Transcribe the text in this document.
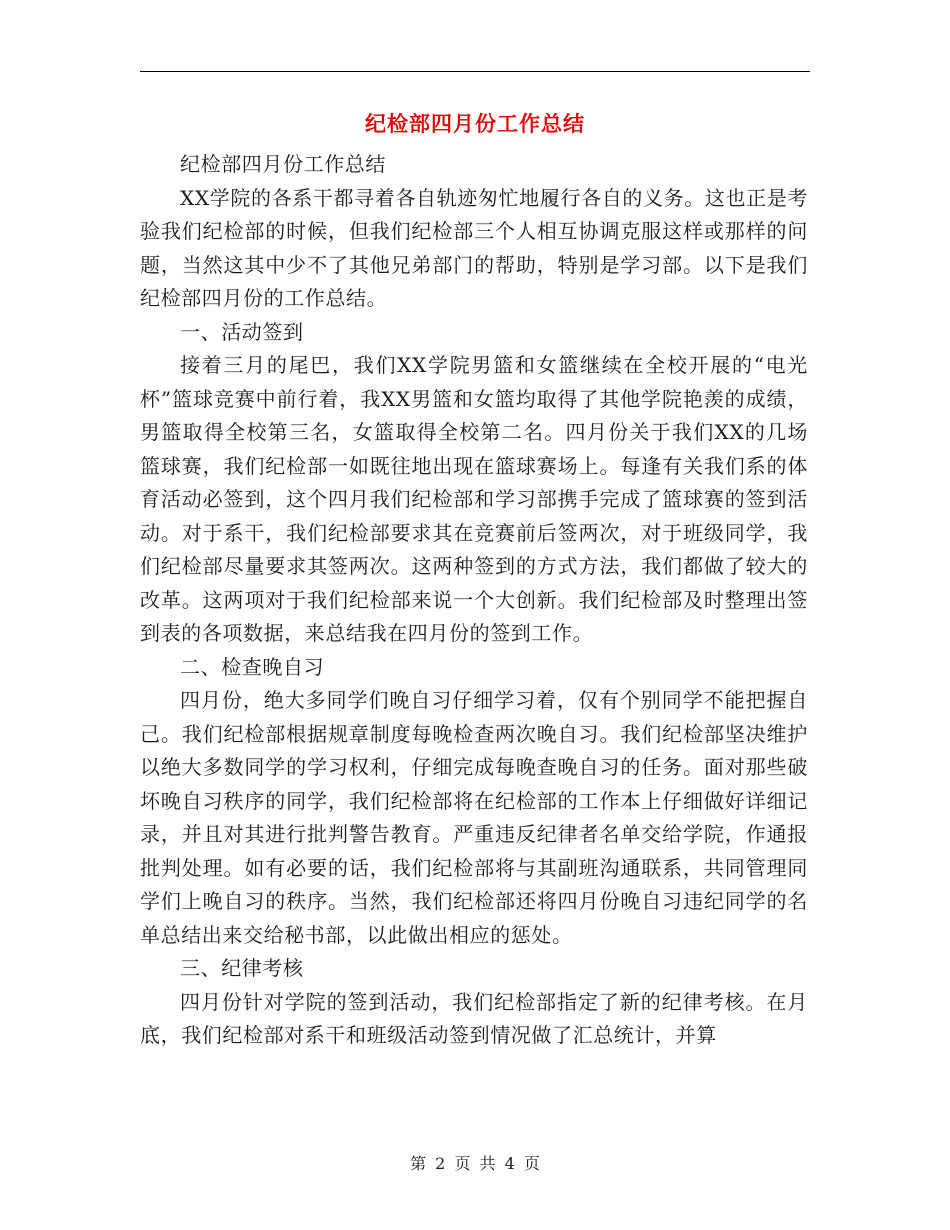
纪检部四月份工作总结

纪检部四月份工作总结

XX学院的各系干都寻着各自轨迹匆忙地履行各自的义务。这也正是考验我们纪检部的时候，但我们纪检部三个人相互协调克服这样或那样的问题，当然这其中少不了其他兄弟部门的帮助，特别是学习部。以下是我们纪检部四月份的工作总结。

一、活动签到

接着三月的尾巴，我们XX学院男篮和女篮继续在全校开展的“电光杯”篮球竞赛中前行着，我XX男篮和女篮均取得了其他学院艳羡的成绩，男篮取得全校第三名，女篮取得全校第二名。四月份关于我们XX的几场篮球赛，我们纪检部一如既往地出现在篮球赛场上。每逢有关我们系的体育活动必签到，这个四月我们纪检部和学习部携手完成了篮球赛的签到活动。对于系干，我们纪检部要求其在竞赛前后签两次，对于班级同学，我们纪检部尽量要求其签两次。这两种签到的方式方法，我们都做了较大的改革。这两项对于我们纪检部来说一个大创新。我们纪检部及时整理出签到表的各项数据，来总结我在四月份的签到工作。

二、检查晚自习

四月份，绝大多同学们晚自习仔细学习着，仅有个别同学不能把握自己。我们纪检部根据规章制度每晚检查两次晚自习。我们纪检部坚决维护以绝大多数同学的学习权利，仔细完成每晚查晚自习的任务。面对那些破坏晚自习秩序的同学，我们纪检部将在纪检部的工作本上仔细做好详细记录，并且对其进行批判警告教育。严重违反纪律者名单交给学院，作通报批判处理。如有必要的话，我们纪检部将与其副班沟通联系，共同管理同学们上晚自习的秩序。当然，我们纪检部还将四月份晚自习违纪同学的名单总结出来交给秘书部，以此做出相应的惩处。

三、纪律考核

四月份针对学院的签到活动，我们纪检部指定了新的纪律考核。在月底，我们纪检部对系干和班级活动签到情况做了汇总统计，并算

第 2 页 共 4 页
